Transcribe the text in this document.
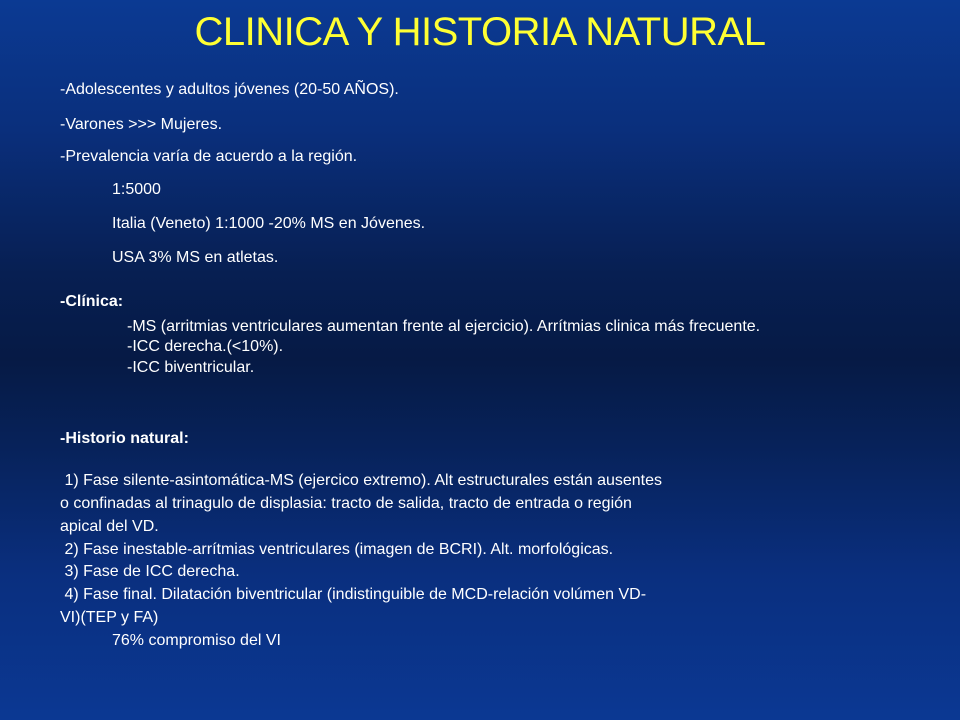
CLINICA Y HISTORIA NATURAL
-Adolescentes y adultos jóvenes (20-50 AÑOS).
-Varones >>> Mujeres.
-Prevalencia varía de acuerdo a la región.
1:5000
Italia (Veneto) 1:1000 -20% MS en Jóvenes.
USA 3% MS en atletas.
-Clínica:
-MS (arritmias ventriculares aumentan frente al ejercicio). Arrítmias clinica más frecuente.
-ICC derecha.(<10%).
-ICC biventricular.
-Historio natural:
1) Fase silente-asintomática-MS (ejercico extremo). Alt estructurales están ausentes
o confinadas al trinagulo de displasia: tracto de salida, tracto de entrada o región
apical del VD.
2) Fase inestable-arrítmias ventriculares (imagen de BCRI). Alt. morfológicas.
3) Fase de ICC derecha.
4) Fase final. Dilatación biventricular (indistinguible de MCD-relación volúmen VD-
VI)(TEP y FA)
76% compromiso del VI
